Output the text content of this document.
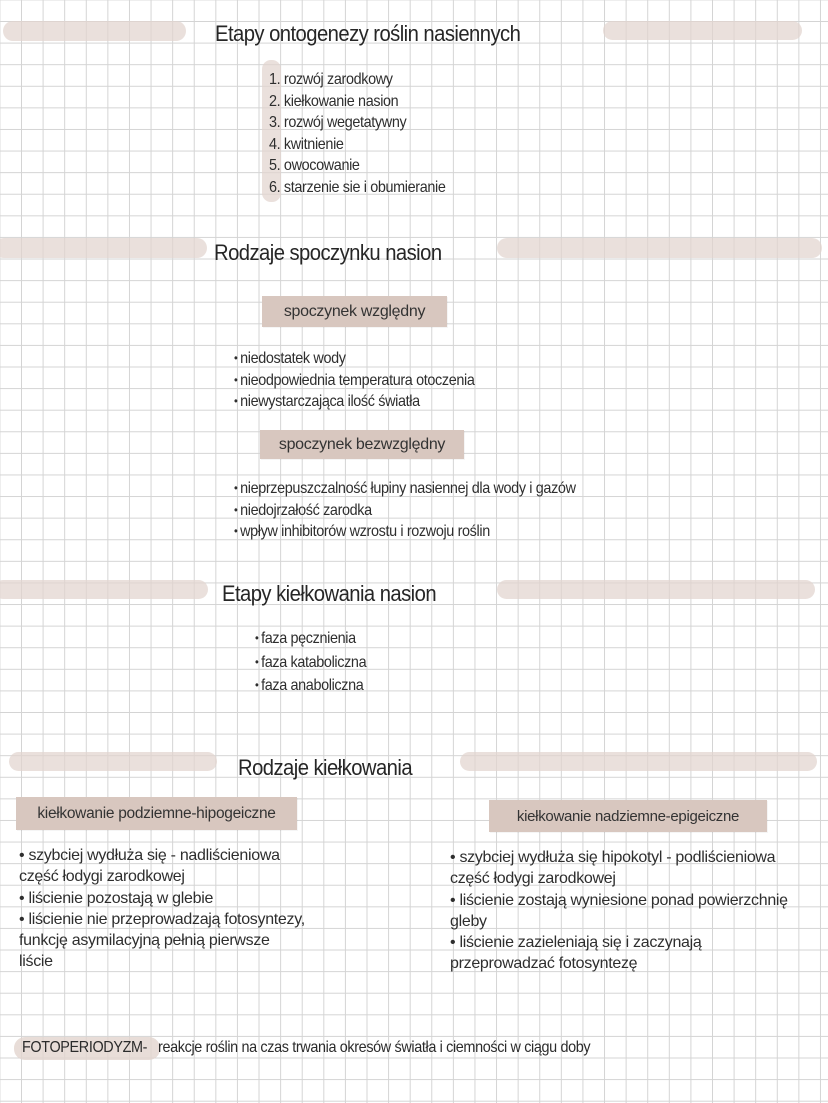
Etapy ontogenezy roślin nasiennych
1. rozwój zarodkowy
2. kiełkowanie nasion
3. rozwój wegetatywny
4. kwitnienie
5. owocowanie
6. starzenie sie i obumieranie
Rodzaje spoczynku nasion
spoczynek względny
• niedostatek wody
• nieodpowiednia temperatura otoczenia
• niewystarczająca ilość światła
spoczynek bezwzględny
• nieprzepuszczalność łupiny nasiennej dla wody i gazów
• niedojrzałość zarodka
• wpływ inhibitorów wzrostu i rozwoju roślin
Etapy kiełkowania nasion
• faza pęcznienia
• faza kataboliczna
• faza anaboliczna
Rodzaje kiełkowania
kiełkowanie podziemne-hipogeiczne	kiełkowanie nadziemne-epigeiczne
• szybciej wydłuża się - nadliścieniowa
część łodygi zarodkowej
• liścienie pozostają w glebie
• liścienie nie przeprowadzają fotosyntezy,
funkcję asymilacyjną pełnią pierwsze
liście
• szybciej wydłuża się hipokotyl - podliścieniowa
część łodygi zarodkowej
• liścienie zostają wyniesione ponad powierzchnię
gleby
• liścienie zazieleniają się i zaczynają
przeprowadzać fotosyntezę
FOTOPERIODYZM- reakcje roślin na czas trwania okresów światła i ciemności w ciągu doby
